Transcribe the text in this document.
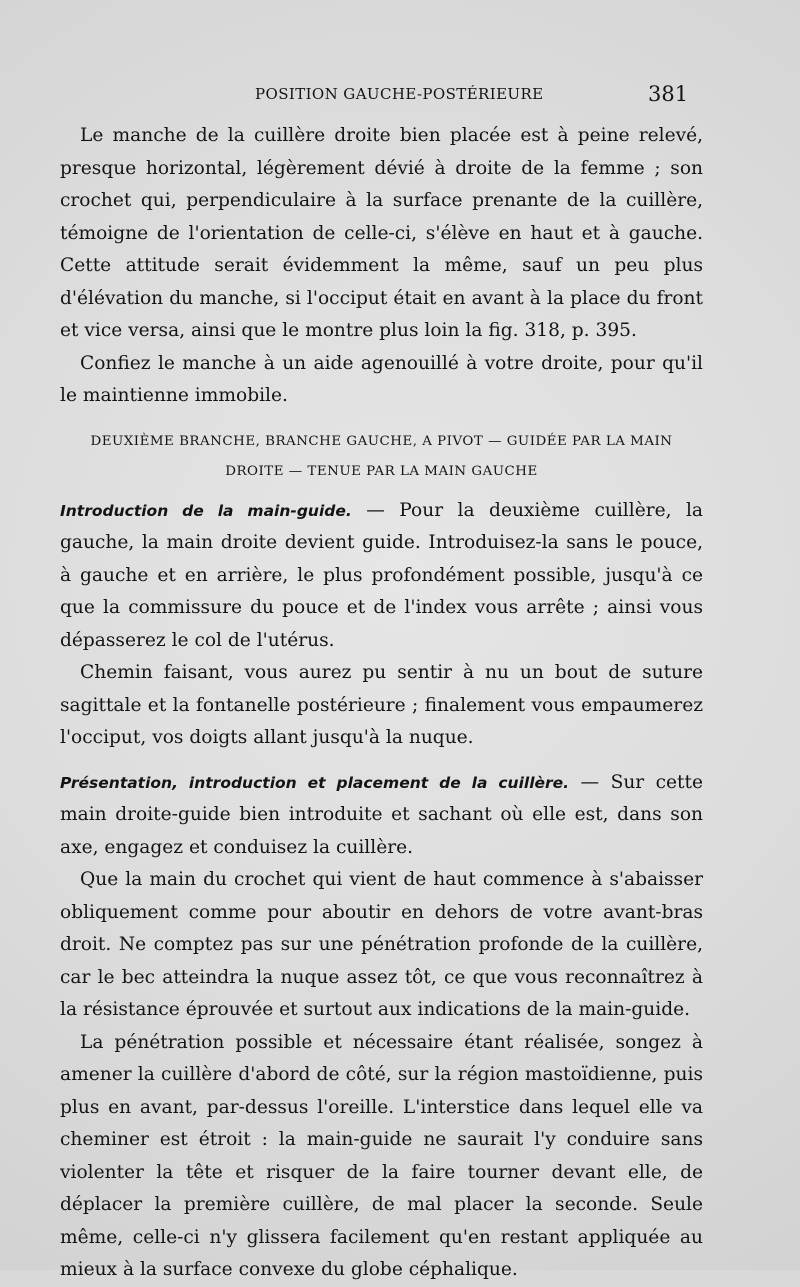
POSITION GAUCHE-POSTÉRIEURE	381

Le manche de la cuillère droite bien placée est à peine relevé, presque horizontal, légèrement dévié à droite de la femme ; son crochet qui, perpendiculaire à la surface prenante de la cuillère, témoigne de l'orientation de celle-ci, s'élève en haut et à gauche. Cette attitude serait évidemment la même, sauf un peu plus d'élévation du manche, si l'occiput était en avant à la place du front et vice versa, ainsi que le montre plus loin la fig. 318, p. 395.

Confiez le manche à un aide agenouillé à votre droite, pour qu'il le maintienne immobile.

DEUXIÈME BRANCHE, BRANCHE GAUCHE, A PIVOT — GUIDÉE PAR LA MAIN
DROITE — TENUE PAR LA MAIN GAUCHE

Introduction de la main-guide. — Pour la deuxième cuillère, la gauche, la main droite devient guide. Introduisez-la sans le pouce, à gauche et en arrière, le plus profondément possible, jusqu'à ce que la commissure du pouce et de l'index vous arrête ; ainsi vous dépasserez le col de l'utérus.

Chemin faisant, vous aurez pu sentir à nu un bout de suture sagittale et la fontanelle postérieure ; finalement vous empaumerez l'occiput, vos doigts allant jusqu'à la nuque.

Présentation, introduction et placement de la cuillère. — Sur cette main droite-guide bien introduite et sachant où elle est, dans son axe, engagez et conduisez la cuillère.

Que la main du crochet qui vient de haut commence à s'abaisser obliquement comme pour aboutir en dehors de votre avant-bras droit. Ne comptez pas sur une pénétration profonde de la cuillère, car le bec atteindra la nuque assez tôt, ce que vous reconnaîtrez à la résistance éprouvée et surtout aux indications de la main-guide.

La pénétration possible et nécessaire étant réalisée, songez à amener la cuillère d'abord de côté, sur la région mastoïdienne, puis plus en avant, par-dessus l'oreille. L'interstice dans lequel elle va cheminer est étroit : la main-guide ne saurait l'y conduire sans violenter la tête et risquer de la faire tourner devant elle, de déplacer la première cuillère, de mal placer la seconde. Seule même, celle-ci n'y glissera facilement qu'en restant appliquée au mieux à la surface convexe du globe céphalique.
